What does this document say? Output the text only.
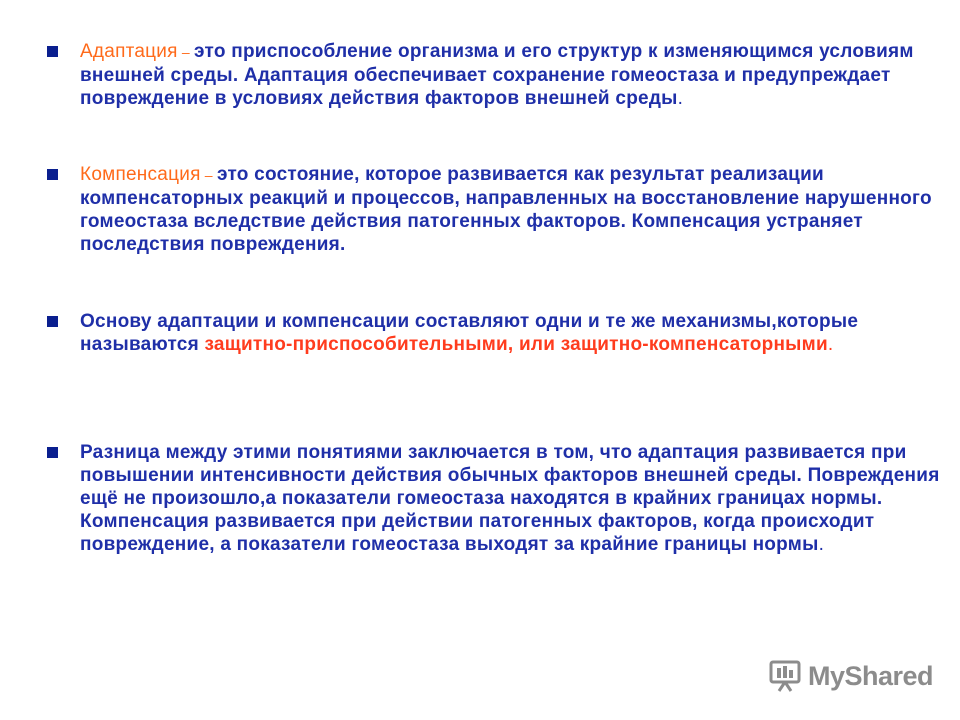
Адаптация – это приспособление организма и его структур к изменяющимся условиям внешней среды. Адаптация обеспечивает сохранение гомеостаза и предупреждает повреждение в условиях действия факторов внешней среды.

Компенсация – это состояние, которое развивается как результат реализации компенсаторных реакций и процессов, направленных на восстановление нарушенного гомеостаза вследствие действия патогенных факторов. Компенсация устраняет последствия повреждения.

Основу адаптации и компенсации составляют одни и те же механизмы,которые называются защитно-приспособительными, или защитно-компенсаторными.

Разница между этими понятиями заключается в том, что адаптация развивается при повышении интенсивности действия обычных факторов внешней среды. Повреждения ещё не произошло,а показатели гомеостаза находятся в крайних границах нормы. Компенсация развивается при действии патогенных факторов, когда происходит повреждение, а показатели гомеостаза выходят за крайние границы нормы.

MyShared
